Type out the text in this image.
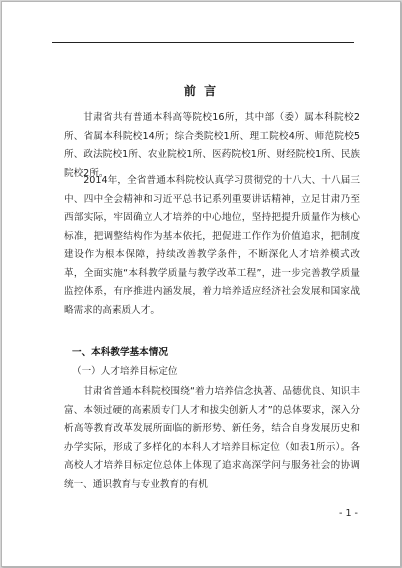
前 言

甘肃省共有普通本科高等院校16所，其中部（委）属本科院校2所、省属本科院校14所；综合类院校1所、理工院校4所、师范院校5所、政法院校1所、农业院校1所、医药院校1所、财经院校1所、民族院校2所。

2014年，全省普通本科院校认真学习贯彻党的十八大、十八届三中、四中全会精神和习近平总书记系列重要讲话精神，立足甘肃乃至西部实际，牢固确立人才培养的中心地位，坚持把提升质量作为核心标准，把调整结构作为基本依托，把促进工作作为价值追求，把制度建设作为根本保障，持续改善教学条件，不断深化人才培养模式改革，全面实施“本科教学质量与教学改革工程”，进一步完善教学质量监控体系，有序推进内涵发展，着力培养适应经济社会发展和国家战略需求的高素质人才。

一、本科教学基本情况

（一）人才培养目标定位

甘肃省普通本科院校围绕“着力培养信念执著、品德优良、知识丰富、本领过硬的高素质专门人才和拔尖创新人才”的总体要求，深入分析高等教育改革发展所面临的新形势、新任务，结合自身发展历史和办学实际，形成了多样化的本科人才培养目标定位（如表1所示）。各高校人才培养目标定位总体上体现了追求高深学问与服务社会的协调统一、通识教育与专业教育的有机

- 1 -
